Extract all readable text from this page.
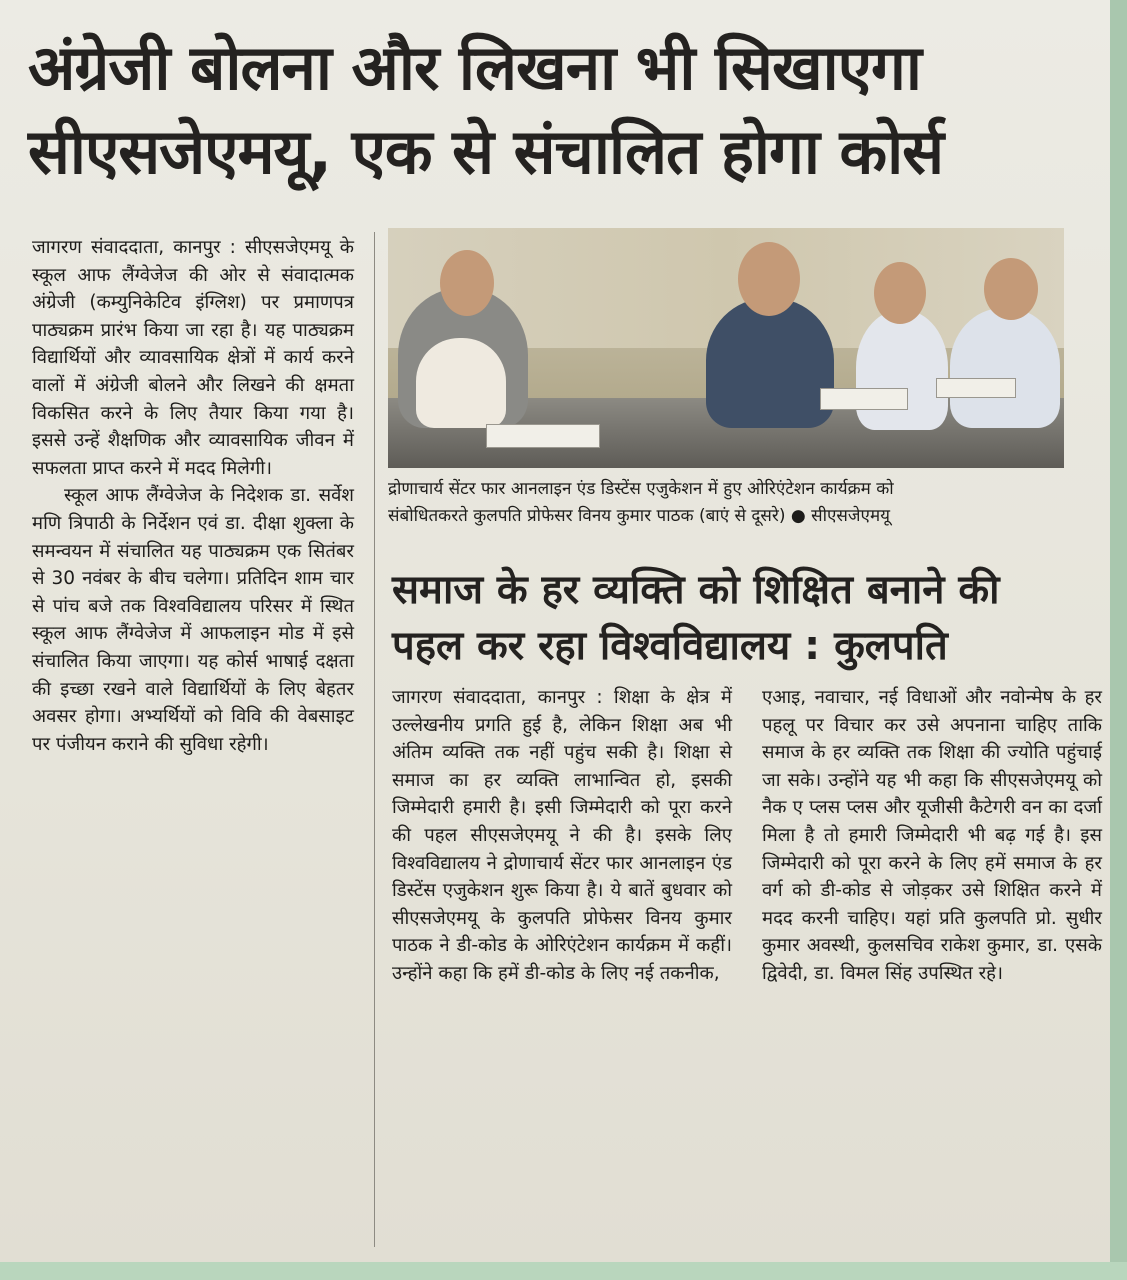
अंग्रेजी बोलना और लिखना भी सिखाएगा
सीएसजेएमयू, एक से संचालित होगा कोर्स

जागरण संवाददाता, कानपुर : सीएसजेएमयू के स्कूल आफ लैंग्वेजेज की ओर से संवादात्मक अंग्रेजी (कम्युनिकेटिव इंग्लिश) पर प्रमाणपत्र पाठ्यक्रम प्रारंभ किया जा रहा है। यह पाठ्यक्रम विद्यार्थियों और व्यावसायिक क्षेत्रों में कार्य करने वालों में अंग्रेजी बोलने और लिखने की क्षमता विकसित करने के लिए तैयार किया गया है। इससे उन्हें शैक्षणिक और व्यावसायिक जीवन में सफलता प्राप्त करने में मदद मिलेगी।

स्कूल आफ लैंग्वेजेज के निदेशक डा. सर्वेश मणि त्रिपाठी के निर्देशन एवं डा. दीक्षा शुक्ला के समन्वयन में संचालित यह पाठ्यक्रम एक सितंबर से 30 नवंबर के बीच चलेगा। प्रतिदिन शाम चार से पांच बजे तक विश्वविद्यालय परिसर में स्थित स्कूल आफ लैंग्वेजेज में आफलाइन मोड में इसे संचालित किया जाएगा। यह कोर्स भाषाई दक्षता की इच्छा रखने वाले विद्यार्थियों के लिए बेहतर अवसर होगा। अभ्यर्थियों को विवि की वेबसाइट पर पंजीयन कराने की सुविधा रहेगी।

द्रोणाचार्य सेंटर फार आनलाइन एंड डिस्टेंस एजुकेशन में हुए ओरिएंटेशन कार्यक्रम को
संबोधितकरते कुलपति प्रोफेसर विनय कुमार पाठक (बाएं से दूसरे) ● सीएसजेएमयू
समाज के हर व्यक्ति को शिक्षित बनाने की
पहल कर रहा विश्वविद्यालय : कुलपति

जागरण संवाददाता, कानपुर : शिक्षा के क्षेत्र में उल्लेखनीय प्रगति हुई है, लेकिन शिक्षा अब भी अंतिम व्यक्ति तक नहीं पहुंच सकी है। शिक्षा से समाज का हर व्यक्ति लाभान्वित हो, इसकी जिम्मेदारी हमारी है। इसी जिम्मेदारी को पूरा करने की पहल सीएसजेएमयू ने की है। इसके लिए विश्वविद्यालय ने द्रोणाचार्य सेंटर फार आनलाइन एंड डिस्टेंस एजुकेशन शुरू किया है। ये बातें बुधवार को सीएसजेएमयू के कुलपति प्रोफेसर विनय कुमार पाठक ने डी-कोड के ओरिएंटेशन कार्यक्रम में कहीं। उन्होंने कहा कि हमें डी-कोड के लिए नई तकनीक,

एआइ, नवाचार, नई विधाओं और नवोन्मेष के हर पहलू पर विचार कर उसे अपनाना चाहिए ताकि समाज के हर व्यक्ति तक शिक्षा की ज्योति पहुंचाई जा सके। उन्होंने यह भी कहा कि सीएसजेएमयू को नैक ए प्लस प्लस और यूजीसी कैटेगरी वन का दर्जा मिला है तो हमारी जिम्मेदारी भी बढ़ गई है। इस जिम्मेदारी को पूरा करने के लिए हमें समाज के हर वर्ग को डी-कोड से जोड़कर उसे शिक्षित करने में मदद करनी चाहिए। यहां प्रति कुलपति प्रो. सुधीर कुमार अवस्थी, कुलसचिव राकेश कुमार, डा. एसके द्विवेदी, डा. विमल सिंह उपस्थित रहे।
